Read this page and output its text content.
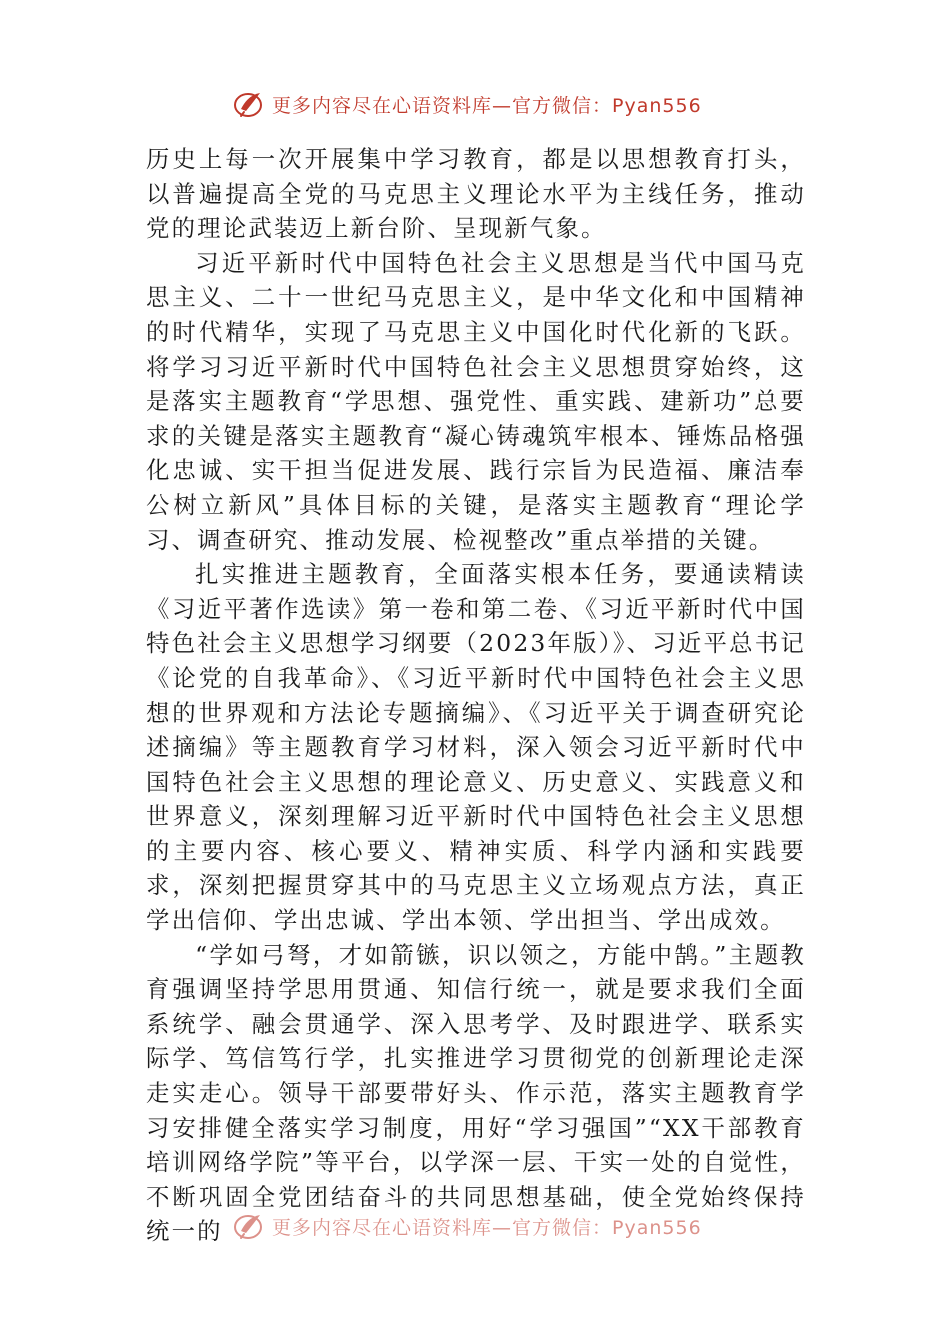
更多内容尽在心语资料库—官方微信：Pyan556

历史上每一次开展集中学习教育，都是以思想教育打头，以普遍提高全党的马克思主义理论水平为主线任务，推动党的理论武装迈上新台阶、呈现新气象。

习近平新时代中国特色社会主义思想是当代中国马克思主义、二十一世纪马克思主义，是中华文化和中国精神的时代精华，实现了马克思主义中国化时代化新的飞跃。将学习习近平新时代中国特色社会主义思想贯穿始终，这是落实主题教育“学思想、强党性、重实践、建新功”总要求的关键是落实主题教育“凝心铸魂筑牢根本、锤炼品格强化忠诚、实干担当促进发展、践行宗旨为民造福、廉洁奉公树立新风”具体目标的关键，是落实主题教育“理论学习、调查研究、推动发展、检视整改”重点举措的关键。

扎实推进主题教育，全面落实根本任务，要通读精读《习近平著作选读》第一卷和第二卷、《习近平新时代中国特色社会主义思想学习纲要（2023年版）》、习近平总书记《论党的自我革命》、《习近平新时代中国特色社会主义思想的世界观和方法论专题摘编》、《习近平关于调查研究论述摘编》等主题教育学习材料，深入领会习近平新时代中国特色社会主义思想的理论意义、历史意义、实践意义和世界意义，深刻理解习近平新时代中国特色社会主义思想的主要内容、核心要义、精神实质、科学内涵和实践要求，深刻把握贯穿其中的马克思主义立场观点方法，真正学出信仰、学出忠诚、学出本领、学出担当、学出成效。

“学如弓弩，才如箭镞，识以领之，方能中鹄。”主题教育强调坚持学思用贯通、知信行统一，就是要求我们全面系统学、融会贯通学、深入思考学、及时跟进学、联系实际学、笃信笃行学，扎实推进学习贯彻党的创新理论走深走实走心。领导干部要带好头、作示范，落实主题教育学习安排健全落实学习制度，用好“学习强国”“XX干部教育培训网络学院”等平台，以学深一层、干实一处的自觉性，不断巩固全党团结奋斗的共同思想基础，使全党始终保持统一的	更多内容尽在心语资料库—官方微信：Pyan556
